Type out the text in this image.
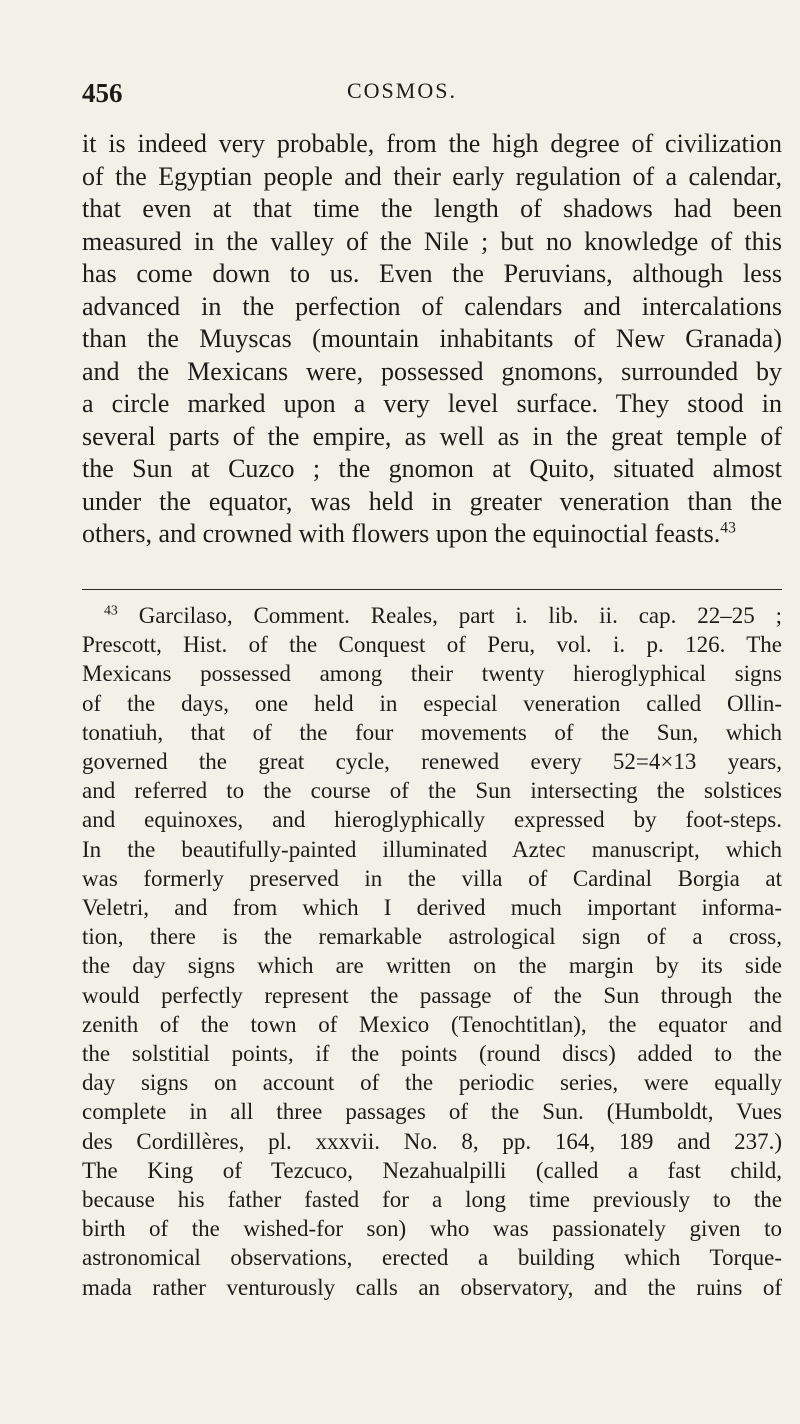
456	COSMOS.
it is indeed very probable, from the high degree of civilization
of the Egyptian people and their early regulation of a calendar,
that even at that time the length of shadows had been
measured in the valley of the Nile ; but no knowledge of this
has come down to us. Even the Peruvians, although less
advanced in the perfection of calendars and intercalations
than the Muyscas (mountain inhabitants of New Granada)
and the Mexicans were, possessed gnomons, surrounded by
a circle marked upon a very level surface. They stood in
several parts of the empire, as well as in the great temple of
the Sun at Cuzco ; the gnomon at Quito, situated almost
under the equator, was held in greater veneration than the
others, and crowned with flowers upon the equinoctial feasts.$^{43}$
$^{43}$ Garcilaso, Comment. Reales, part i. lib. ii. cap. 22–25 ;
Prescott, Hist. of the Conquest of Peru, vol. i. p. 126. The
Mexicans possessed among their twenty hieroglyphical signs
of the days, one held in especial veneration called Ollin-
tonatiuh, that of the four movements of the Sun, which
governed the great cycle, renewed every 52=4×13 years,
and referred to the course of the Sun intersecting the solstices
and equinoxes, and hieroglyphically expressed by foot-steps.
In the beautifully-painted illuminated Aztec manuscript, which
was formerly preserved in the villa of Cardinal Borgia at
Veletri, and from which I derived much important informa-
tion, there is the remarkable astrological sign of a cross,
the day signs which are written on the margin by its side
would perfectly represent the passage of the Sun through the
zenith of the town of Mexico (Tenochtitlan), the equator and
the solstitial points, if the points (round discs) added to the
day signs on account of the periodic series, were equally
complete in all three passages of the Sun. (Humboldt, Vues
des Cordillères, pl. xxxvii. No. 8, pp. 164, 189 and 237.)
The King of Tezcuco, Nezahualpilli (called a fast child,
because his father fasted for a long time previously to the
birth of the wished-for son) who was passionately given to
astronomical observations, erected a building which Torque-
mada rather venturously calls an observatory, and the ruins of
